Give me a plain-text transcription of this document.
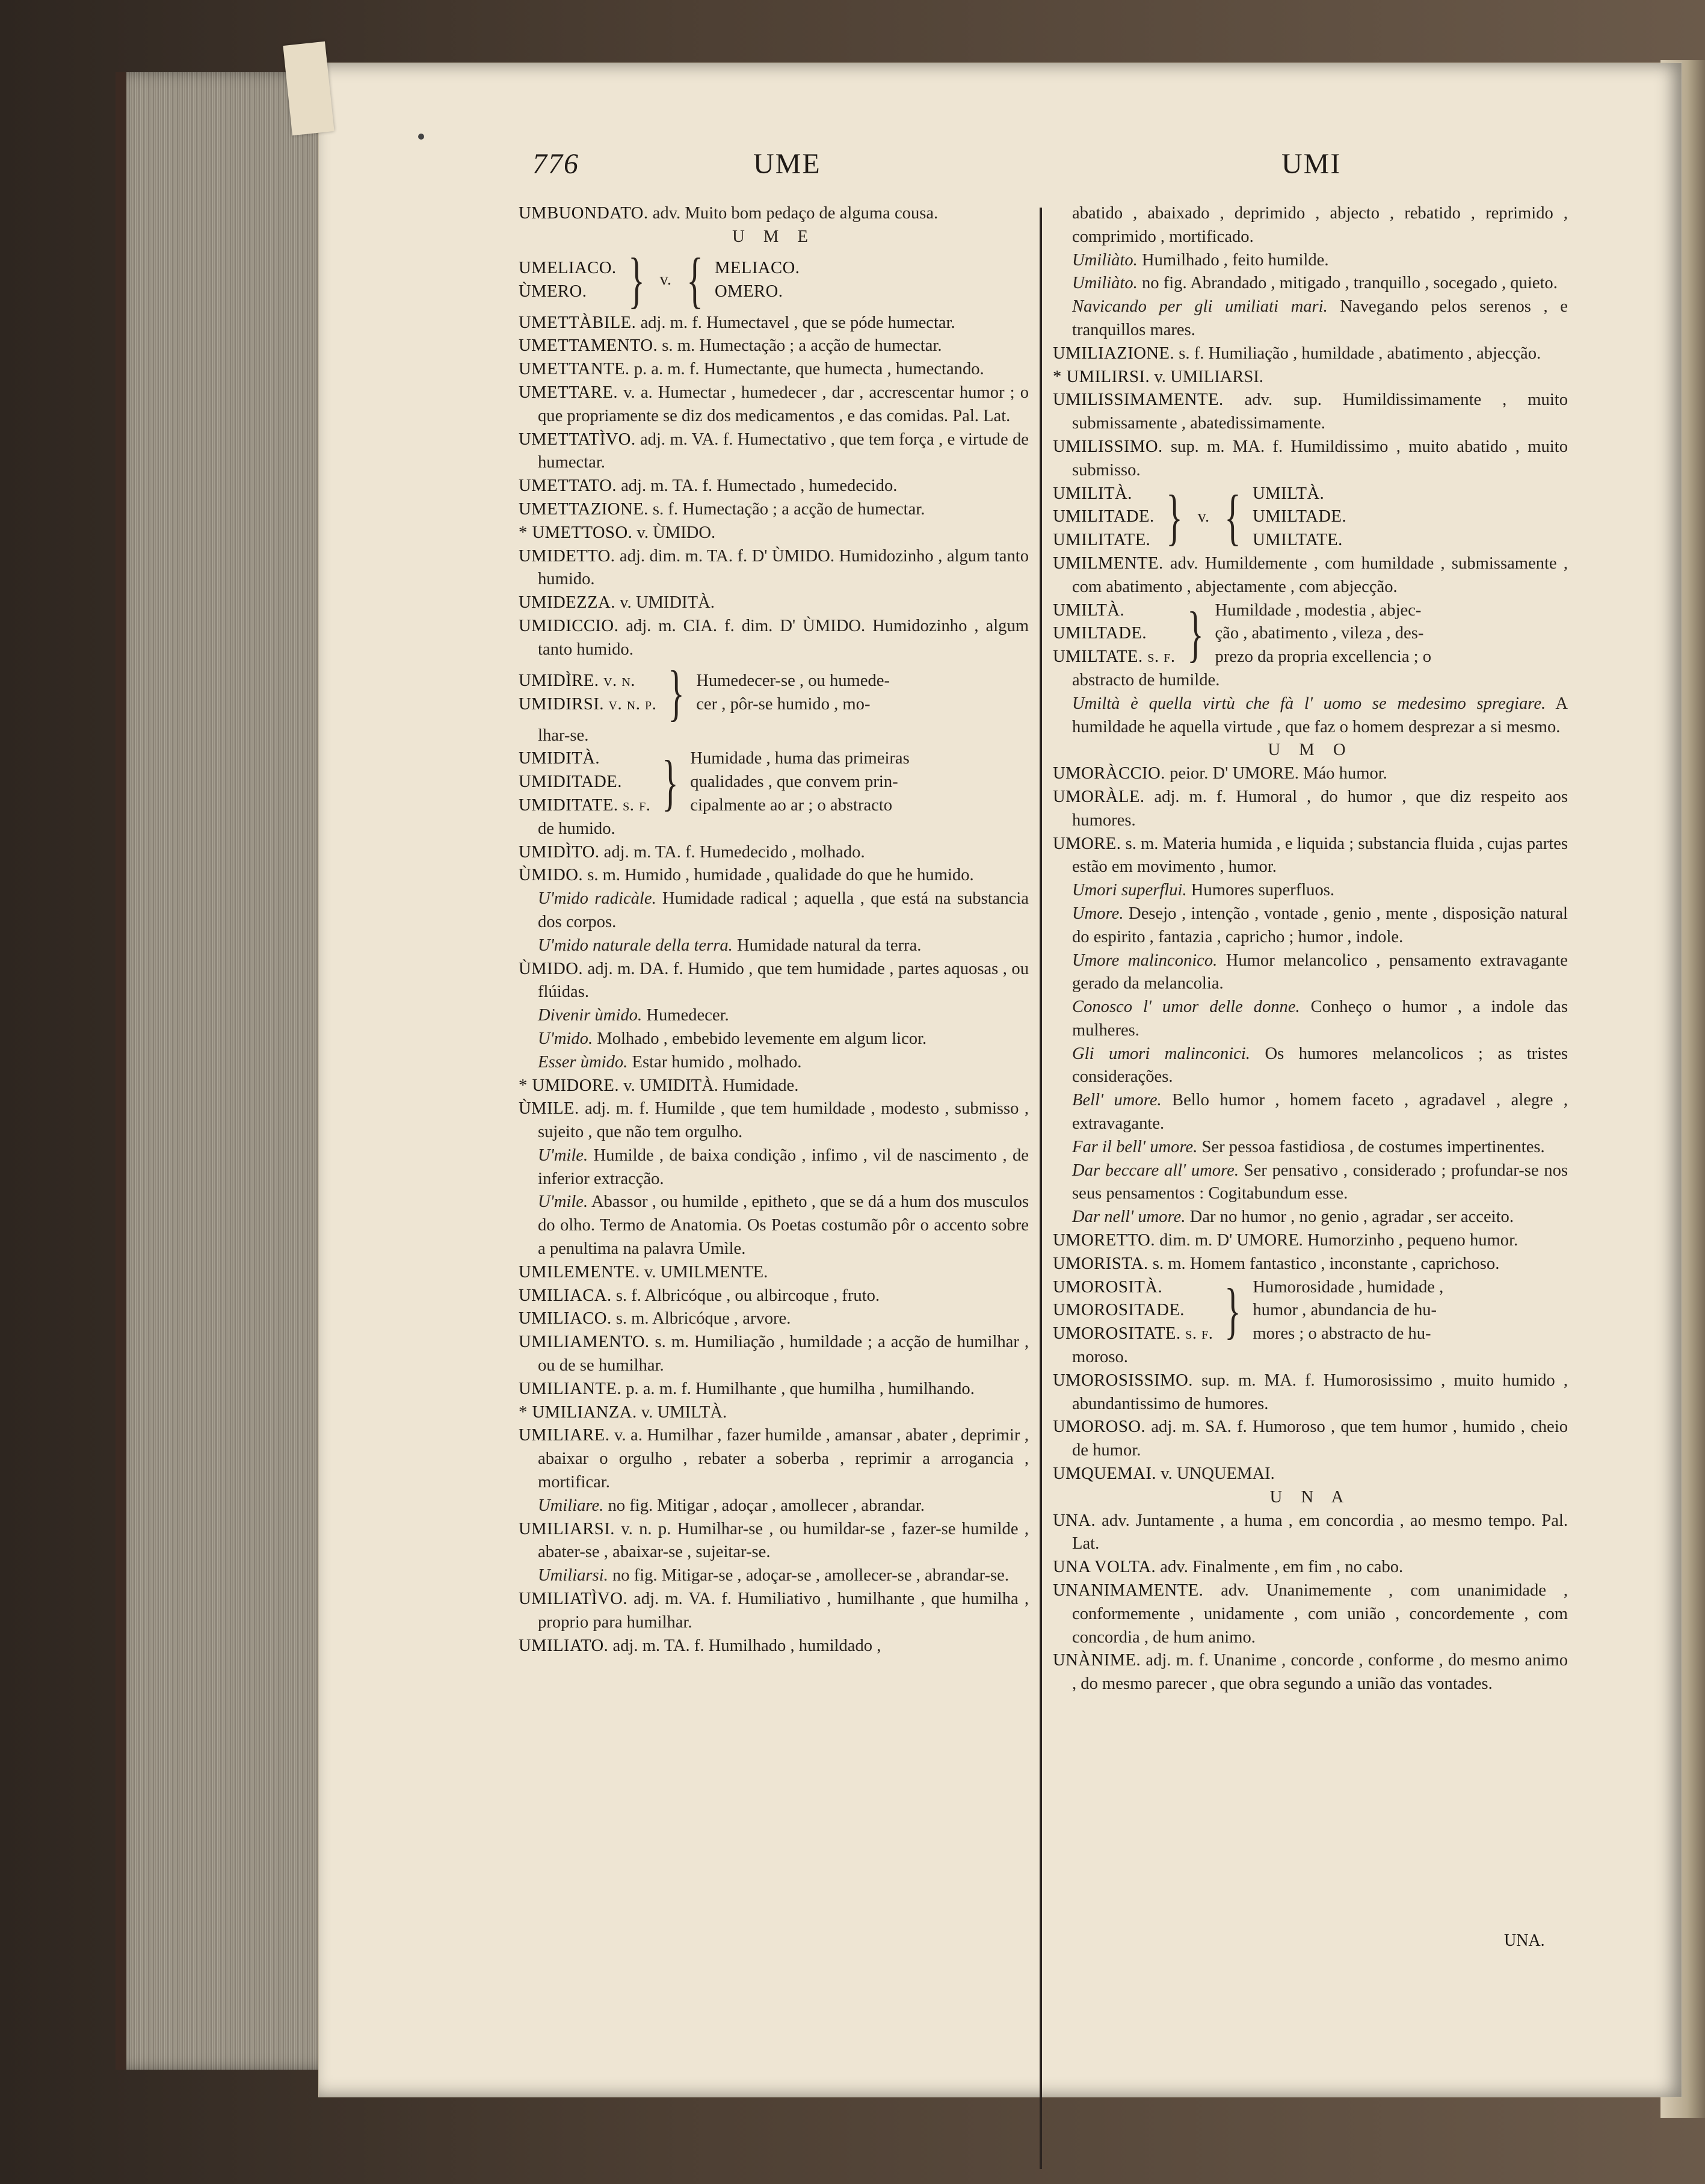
776	UME	UMI
UMBUONDATO. adv. Muito bom pedaço de alguma cousa.
U M E
UMELIACO.
ÙMERO. } v. { MELIACO.
OMERO.
UMETTÀBILE. adj. m. f. Humectavel , que se póde humectar.
UMETTAMENTO. s. m. Humectação ; a acção de humectar.
UMETTANTE. p. a. m. f. Humectante, que humecta , humectando.
UMETTARE. v. a. Humectar , humedecer , dar , accrescentar humor ; o que propriamente se diz dos medicamentos , e das comidas. Pal. Lat.
UMETTATÌVO. adj. m. VA. f. Humectativo , que tem força , e virtude de humectar.
UMETTATO. adj. m. TA. f. Humectado , humedecido.
UMETTAZIONE. s. f. Humectação ; a acção de humectar.
* UMETTOSO. v. ÙMIDO.
UMIDETTO. adj. dim. m. TA. f. D' ÙMIDO. Humidozinho , algum tanto humido.
UMIDEZZA. v. UMIDITÀ.
UMIDICCIO. adj. m. CIA. f. dim. D' ÙMIDO. Humidozinho , algum tanto humido.
UMIDÌRE. v. n.
UMIDIRSI. v. n. p. } Humedecer-se , ou humede-
cer , pôr-se humido , mo-
lhar-se.
UMIDITÀ.
UMIDITADE.
UMIDITATE. s. f. } Humidade , huma das primeiras
qualidades , que convem prin-
cipalmente ao ar ; o abstracto
de humido.
UMIDÌTO. adj. m. TA. f. Humedecido , molhado.
ÙMIDO. s. m. Humido , humidade , qualidade do que he humido.
U'mido radicàle. Humidade radical ; aquella , que está na substancia dos corpos.
U'mido naturale della terra. Humidade natural da terra.
ÙMIDO. adj. m. DA. f. Humido , que tem humidade , partes aquosas , ou flúidas.
Divenir ùmido. Humedecer.
U'mido. Molhado , embebido levemente em algum licor.
Esser ùmido. Estar humido , molhado.
* UMIDORE. v. UMIDITÀ. Humidade.
ÙMILE. adj. m. f. Humilde , que tem humildade , modesto , submisso , sujeito , que não tem orgulho.
U'mile. Humilde , de baixa condição , infimo , vil de nascimento , de inferior extracção.
U'mile. Abassor , ou humilde , epitheto , que se dá a hum dos musculos do olho. Termo de Anatomia. Os Poetas costumão pôr o accento sobre a penultima na palavra Umìle.
UMILEMENTE. v. UMILMENTE.
UMILIACA. s. f. Albricóque , ou albircoque , fruto.
UMILIACO. s. m. Albricóque , arvore.
UMILIAMENTO. s. m. Humiliação , humildade ; a acção de humilhar , ou de se humilhar.
UMILIANTE. p. a. m. f. Humilhante , que humilha , humilhando.
* UMILIANZA. v. UMILTÀ.
UMILIARE. v. a. Humilhar , fazer humilde , amansar , abater , deprimir , abaixar o orgulho , rebater a soberba , reprimir a arrogancia , mortificar.
Umiliare. no fig. Mitigar , adoçar , amollecer , abrandar.
UMILIARSI. v. n. p. Humilhar-se , ou humildar-se , fazer-se humilde , abater-se , abaixar-se , sujeitar-se.
Umiliarsi. no fig. Mitigar-se , adoçar-se , amollecer-se , abrandar-se.
UMILIATÌVO. adj. m. VA. f. Humiliativo , humilhante , que humilha , proprio para humilhar.
UMILIATO. adj. m. TA. f. Humilhado , humildado ,
abatido , abaixado , deprimido , abjecto , rebatido , reprimido , comprimido , mortificado.
Umiliàto. Humilhado , feito humilde.
Umiliàto. no fig. Abrandado , mitigado , tranquillo , socegado , quieto.
Navicando per gli umiliati mari. Navegando pelos serenos , e tranquillos mares.
UMILIAZIONE. s. f. Humiliação , humildade , abatimento , abjecção.
* UMILIRSI. v. UMILIARSI.
UMILISSIMAMENTE. adv. sup. Humildissimamente , muito submissamente , abatedissimamente.
UMILISSIMO. sup. m. MA. f. Humildissimo , muito abatido , muito submisso.
UMILITÀ.
UMILITADE.
UMILITATE. } v. { UMILTÀ.
UMILTADE.
UMILTATE.
UMILMENTE. adv. Humildemente , com humildade , submissamente , com abatimento , abjectamente , com abjecção.
UMILTÀ.
UMILTADE.
UMILTATE. s. f. } Humildade , modestia , abjec-
ção , abatimento , vileza , des-
prezo da propria excellencia ; o
abstracto de humilde.
Umiltà è quella virtù che fà l' uomo se medesimo spregiare. A humildade he aquella virtude , que faz o homem desprezar a si mesmo.
U M O
UMORÀCCIO. peior. D' UMORE. Máo humor.
UMORÀLE. adj. m. f. Humoral , do humor , que diz respeito aos humores.
UMORE. s. m. Materia humida , e liquida ; substancia fluida , cujas partes estão em movimento , humor.
Umori superflui. Humores superfluos.
Umore. Desejo , intenção , vontade , genio , mente , disposição natural do espirito , fantazia , capricho ; humor , indole.
Umore malinconico. Humor melancolico , pensamento extravagante gerado da melancolia.
Conosco l' umor delle donne. Conheço o humor , a indole das mulheres.
Gli umori malinconici. Os humores melancolicos ; as tristes considerações.
Bell' umore. Bello humor , homem faceto , agradavel , alegre , extravagante.
Far il bell' umore. Ser pessoa fastidiosa , de costumes impertinentes.
Dar beccare all' umore. Ser pensativo , considerado ; profundar-se nos seus pensamentos : Cogitabundum esse.
Dar nell' umore. Dar no humor , no genio , agradar , ser acceito.
UMORETTO. dim. m. D' UMORE. Humorzinho , pequeno humor.
UMORISTA. s. m. Homem fantastico , inconstante , caprichoso.
UMOROSITÀ.
UMOROSITADE.
UMOROSITATE. s. f. } Humorosidade , humidade ,
humor , abundancia de hu-
mores ; o abstracto de hu-
moroso.
UMOROSISSIMO. sup. m. MA. f. Humorosissimo , muito humido , abundantissimo de humores.
UMOROSO. adj. m. SA. f. Humoroso , que tem humor , humido , cheio de humor.
UMQUEMAI. v. UNQUEMAI.
U N A
UNA. adv. Juntamente , a huma , em concordia , ao mesmo tempo. Pal. Lat.
UNA VOLTA. adv. Finalmente , em fim , no cabo.
UNANIMAMENTE. adv. Unanimemente , com unanimidade , conformemente , unidamente , com união , concordemente , com concordia , de hum animo.
UNÀNIME. adj. m. f. Unanime , concorde , conforme , do mesmo animo , do mesmo parecer , que obra segundo a união das vontades.
UNA.
